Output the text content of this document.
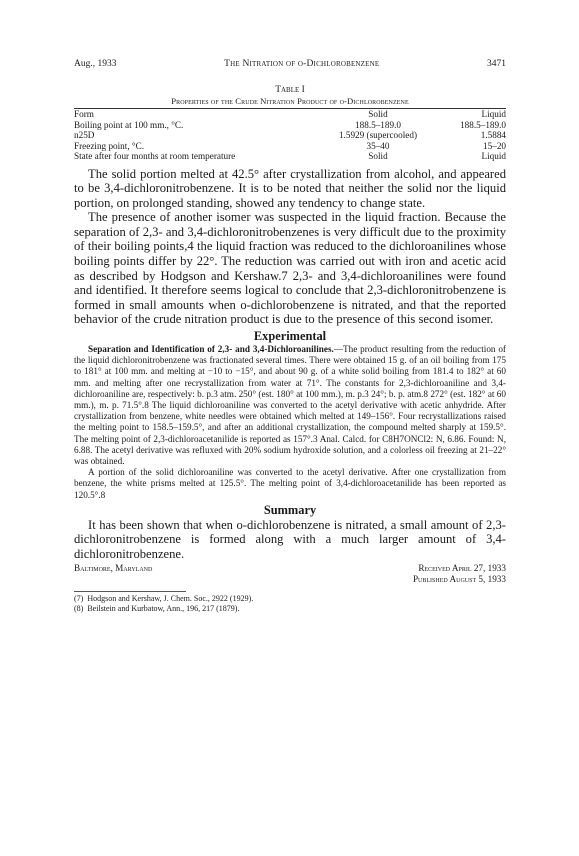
Aug., 1933	The Nitration of o-Dichlorobenzene	3471
Table I
Properties of the Crude Nitration Product of o-Dichlorobenzene
Form	Solid	Liquid
Boiling point at 100 mm., °C.	188.5–189.0	188.5–189.0
n25D	1.5929 (supercooled)	1.5884
Freezing point, °C.	35–40	15–20
State after four months at room temperature	Solid	Liquid

The solid portion melted at 42.5° after crystallization from alcohol, and appeared to be 3,4-dichloronitrobenzene. It is to be noted that neither the solid nor the liquid portion, on prolonged standing, showed any tendency to change state.

The presence of another isomer was suspected in the liquid fraction. Because the separation of 2,3- and 3,4-dichloronitrobenzenes is very difficult due to the proximity of their boiling points,4 the liquid fraction was reduced to the dichloroanilines whose boiling points differ by 22°. The reduction was carried out with iron and acetic acid as described by Hodgson and Kershaw.7 2,3- and 3,4-dichloroanilines were found and identified. It therefore seems logical to conclude that 2,3-dichloronitrobenzene is formed in small amounts when o-dichlorobenzene is nitrated, and that the reported behavior of the crude nitration product is due to the presence of this second isomer.

Experimental

Separation and Identification of 2,3- and 3,4-Dichloroanilines.—The product resulting from the reduction of the liquid dichloronitrobenzene was fractionated several times. There were obtained 15 g. of an oil boiling from 175 to 181° at 100 mm. and melting at −10 to −15°, and about 90 g. of a white solid boiling from 181.4 to 182° at 60 mm. and melting after one recrystallization from water at 71°. The constants for 2,3-dichloroaniline and 3,4-dichloroaniline are, respectively: b. p.3 atm. 250° (est. 180° at 100 mm.), m. p.3 24°; b. p. atm.8 272° (est. 182° at 60 mm.), m. p. 71.5°.8 The liquid dichloroaniline was converted to the acetyl derivative with acetic anhydride. After crystallization from benzene, white needles were obtained which melted at 149–156°. Four recrystallizations raised the melting point to 158.5–159.5°, and after an additional crystallization, the compound melted sharply at 159.5°. The melting point of 2,3-dichloroacetanilide is reported as 157°.3 Anal. Calcd. for C8H7ONCl2: N, 6.86. Found: N, 6.88. The acetyl derivative was refluxed with 20% sodium hydroxide solution, and a colorless oil freezing at 21–22° was obtained.

A portion of the solid dichloroaniline was converted to the acetyl derivative. After one crystallization from benzene, the white prisms melted at 125.5°. The melting point of 3,4-dichloroacetanilide has been reported as 120.5°.8

Summary

It has been shown that when o-dichlorobenzene is nitrated, a small amount of 2,3-dichloronitrobenzene is formed along with a much larger amount of 3,4-dichloronitrobenzene.

Baltimore, Maryland	Received April 27, 1933
Published August 5, 1933
(7) Hodgson and Kershaw, J. Chem. Soc., 2922 (1929).
(8) Beilstein and Kurbatow, Ann., 196, 217 (1879).
